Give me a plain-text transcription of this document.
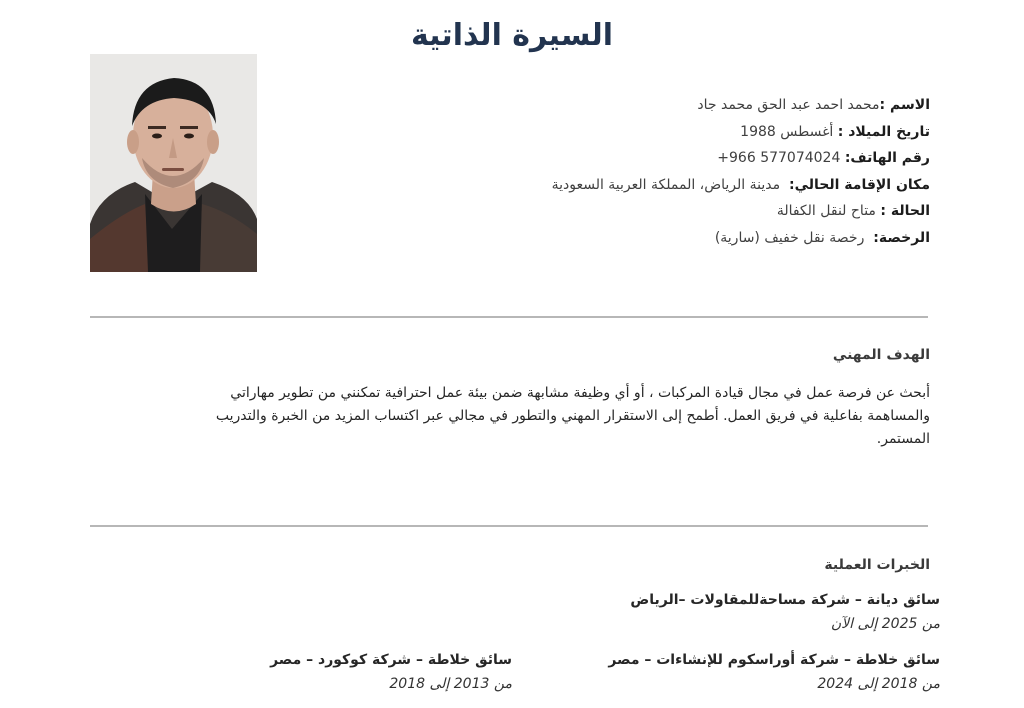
السيرة الذاتية
الاسم :محمد احمد عبد الحق محمد جاد
تاريخ الميلاد : أغسطس 1988
رقم الهاتف: +966 577074024
مكان الإقامة الحالي:  مدينة الرياض، المملكة العربية السعودية
الحالة : متاح لنقل الكفالة
الرخصة:  رخصة نقل خفيف (سارية)
الهدف المهني

أبحث عن فرصة عمل في مجال قيادة المركبات ، أو أي وظيفة مشابهة ضمن بيئة عمل احترافية تمكنني من تطوير مهاراتي

والمساهمة بفاعلية في فريق العمل. أطمح إلى الاستقرار المهني والتطور في مجالي عبر اكتساب المزيد من الخبرة والتدريب

المستمر.

الخبرات العملية
سائق ديانة – شركة مساحةللمقاولات –الرياض
من 2025 إلى الآن
سائق خلاطة – شركة أوراسكوم للإنشاءات – مصر
من 2018 إلى 2024
سائق خلاطة – شركة كوكورد – مصر
من 2013 إلى 2018
